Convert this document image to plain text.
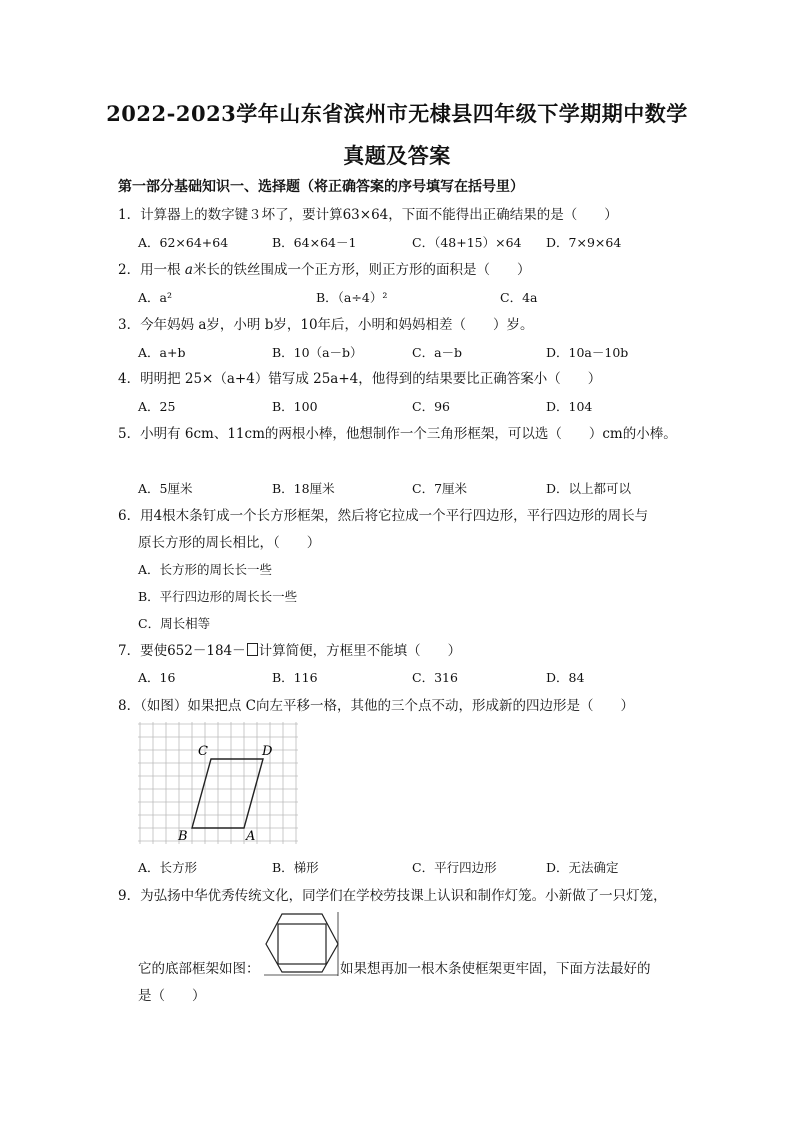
2022-2023学年山东省滨州市无棣县四年级下学期期中数学
真题及答案
第一部分基础知识一、选择题（将正确答案的序号填写在括号里）
1．计算器上的数字键３坏了，要计算63×64，下面不能得出正确结果的是（　　）
A．62×64+64	B．64×64－1	C．（48+15）×64 D．7×9×64
2．用一根 a米长的铁丝围成一个正方形，则正方形的面积是（　　）
A．a²	B．（a÷4）²	C．4a
3．今年妈妈 a岁，小明 b岁，10年后，小明和妈妈相差（　　）岁。
A．a+b	B．10（a－b）	C．a－b	D．10a－10b
4．明明把 25×（a+4）错写成 25a+4，他得到的结果要比正确答案小（　　）
A．25	B．100	C．96	D．104
5．小明有 6cm、11cm的两根小棒，他想制作一个三角形框架，可以选（　　）cm的小棒。
A．5厘米	B．18厘米	C．7厘米	D．以上都可以
6．用4根木条钉成一个长方形框架，然后将它拉成一个平行四边形，平行四边形的周长与
原长方形的周长相比，（　　）
A．长方形的周长长一些
B．平行四边形的周长长一些
C．周长相等
7．要使652－184－ 计算简便，方框里不能填（　　）
A．16	B．116	C．316	D．84
8．（如图）如果把点 C向左平移一格，其他的三个点不动，形成新的四边形是（　　）
C	D
B	A
A．长方形	B．梯形	C．平行四边形	D．无法确定
9．为弘扬中华优秀传统文化，同学们在学校劳技课上认识和制作灯笼。小新做了一只灯笼，
它的底部框架如图：	如果想再加一根木条使框架更牢固，下面方法最好的
是（　　）
